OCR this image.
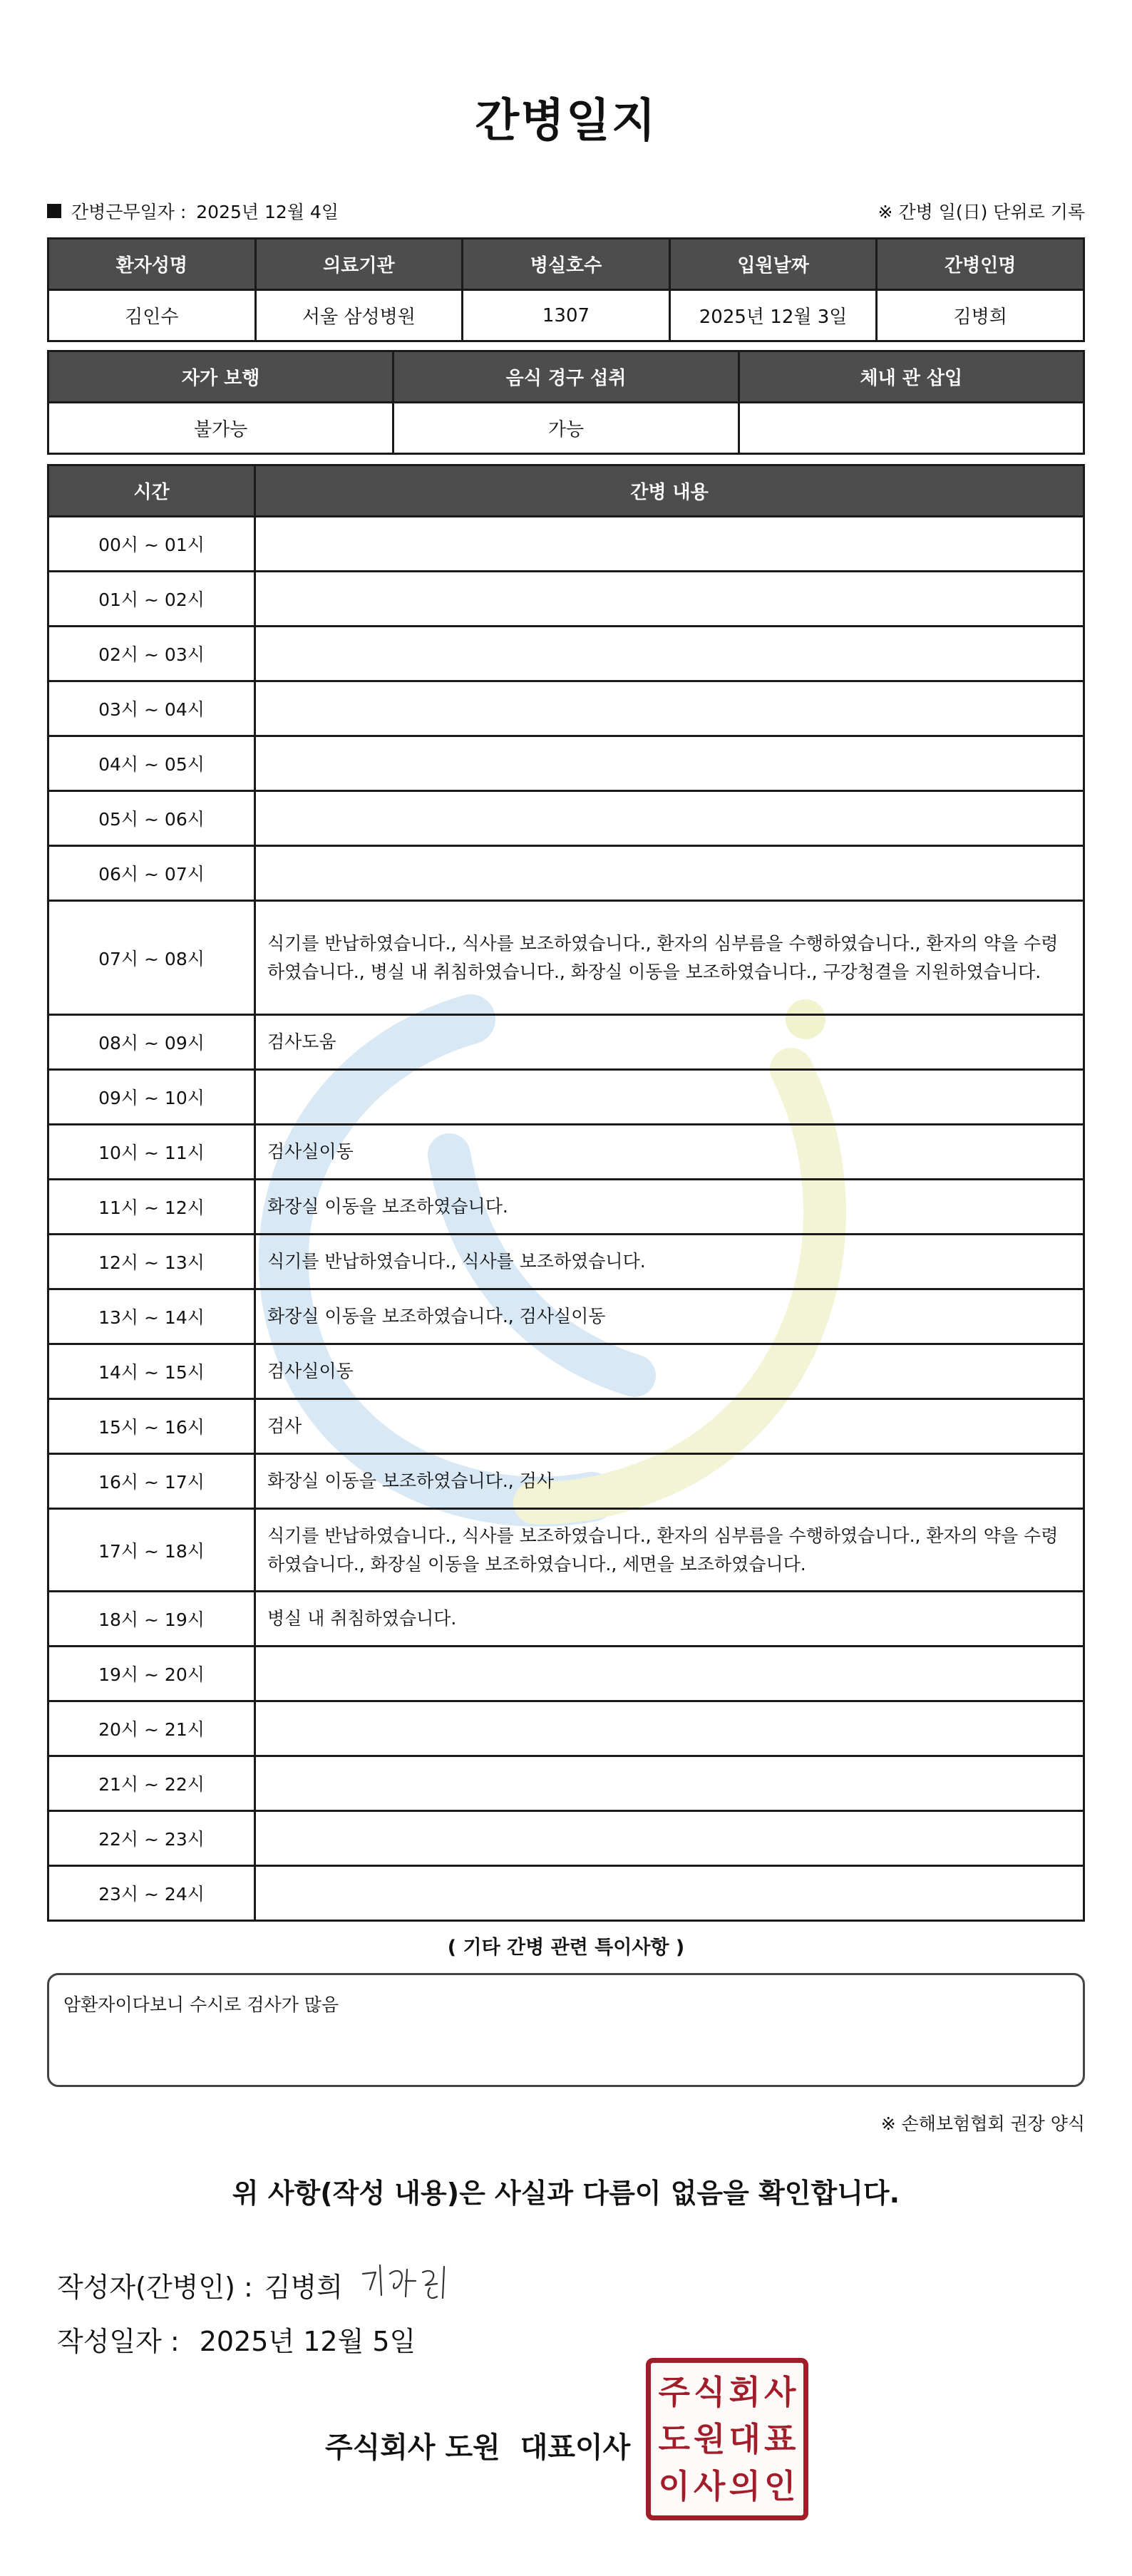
간병일지
간병근무일자 : 2025년 12월 4일	※ 간병 일(日) 단위로 기록
환자성명	의료기관	병실호수	입원날짜	간병인명
김인수	서울 삼성병원	1307	2025년 12월 3일	김병희
자가 보행	음식 경구 섭취	체내 관 삽입
불가능	가능	
시간	간병 내용
00시 ~ 01시	
01시 ~ 02시	
02시 ~ 03시	
03시 ~ 04시	
04시 ~ 05시	
05시 ~ 06시	
06시 ~ 07시	
07시 ~ 08시	식기를 반납하였습니다., 식사를 보조하였습니다., 환자의 심부름을 수행하였습니다., 환자의 약을 수령하였습니다., 병실 내 취침하였습니다., 화장실 이동을 보조하였습니다., 구강청결을 지원하였습니다.
08시 ~ 09시	검사도움
09시 ~ 10시	
10시 ~ 11시	검사실이동
11시 ~ 12시	화장실 이동을 보조하였습니다.
12시 ~ 13시	식기를 반납하였습니다., 식사를 보조하였습니다.
13시 ~ 14시	화장실 이동을 보조하였습니다., 검사실이동
14시 ~ 15시	검사실이동
15시 ~ 16시	검사
16시 ~ 17시	화장실 이동을 보조하였습니다., 검사
17시 ~ 18시	식기를 반납하였습니다., 식사를 보조하였습니다., 환자의 심부름을 수행하였습니다., 환자의 약을 수령하였습니다., 화장실 이동을 보조하였습니다., 세면을 보조하였습니다.
18시 ~ 19시	병실 내 취침하였습니다.
19시 ~ 20시	
20시 ~ 21시	
21시 ~ 22시	
22시 ~ 23시	
23시 ~ 24시	
( 기타 간병 관련 특이사항 )
암환자이다보니 수시로 검사가 많음
※ 손해보험협회 권장 양식
위 사항(작성 내용)은 사실과 다름이 없음을 확인합니다.
작성자(간병인) : 김병희
작성일자 : 2025년 12월 5일
주식회사 도원 대표이사
주 식 회 사
도 원 대 표
이 사 의 인
